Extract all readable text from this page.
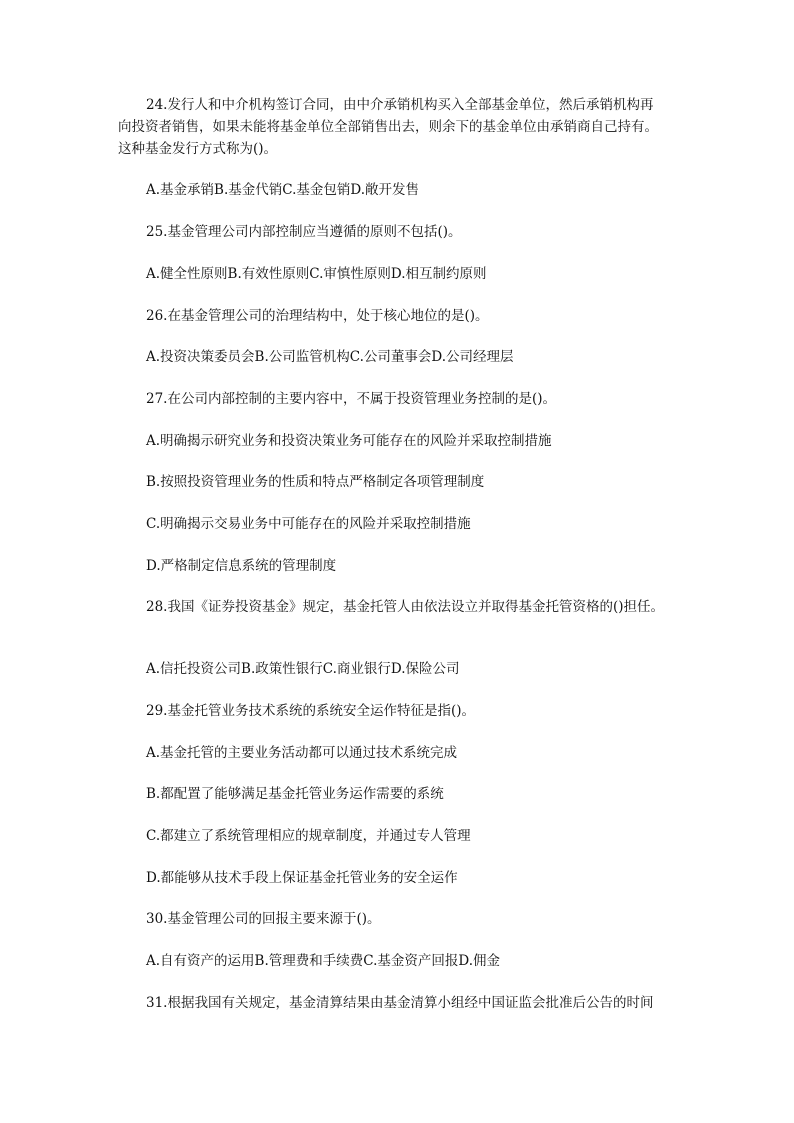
24.发行人和中介机构签订合同，由中介承销机构买入全部基金单位，然后承销机构再
向投资者销售，如果未能将基金单位全部销售出去，则余下的基金单位由承销商自己持有。
这种基金发行方式称为()。
A.基金承销B.基金代销C.基金包销D.敞开发售
25.基金管理公司内部控制应当遵循的原则不包括()。
A.健全性原则B.有效性原则C.审慎性原则D.相互制约原则
26.在基金管理公司的治理结构中，处于核心地位的是()。
A.投资决策委员会B.公司监管机构C.公司董事会D.公司经理层
27.在公司内部控制的主要内容中，不属于投资管理业务控制的是()。
A.明确揭示研究业务和投资决策业务可能存在的风险并采取控制措施
B.按照投资管理业务的性质和特点严格制定各项管理制度
C.明确揭示交易业务中可能存在的风险并采取控制措施
D.严格制定信息系统的管理制度
28.我国《证券投资基金》规定，基金托管人由依法设立并取得基金托管资格的()担任。
A.信托投资公司B.政策性银行C.商业银行D.保险公司
29.基金托管业务技术系统的系统安全运作特征是指()。
A.基金托管的主要业务活动都可以通过技术系统完成
B.都配置了能够满足基金托管业务运作需要的系统
C.都建立了系统管理相应的规章制度，并通过专人管理
D.都能够从技术手段上保证基金托管业务的安全运作
30.基金管理公司的回报主要来源于()。
A.自有资产的运用B.管理费和手续费C.基金资产回报D.佣金
31.根据我国有关规定，基金清算结果由基金清算小组经中国证监会批准后公告的时间
